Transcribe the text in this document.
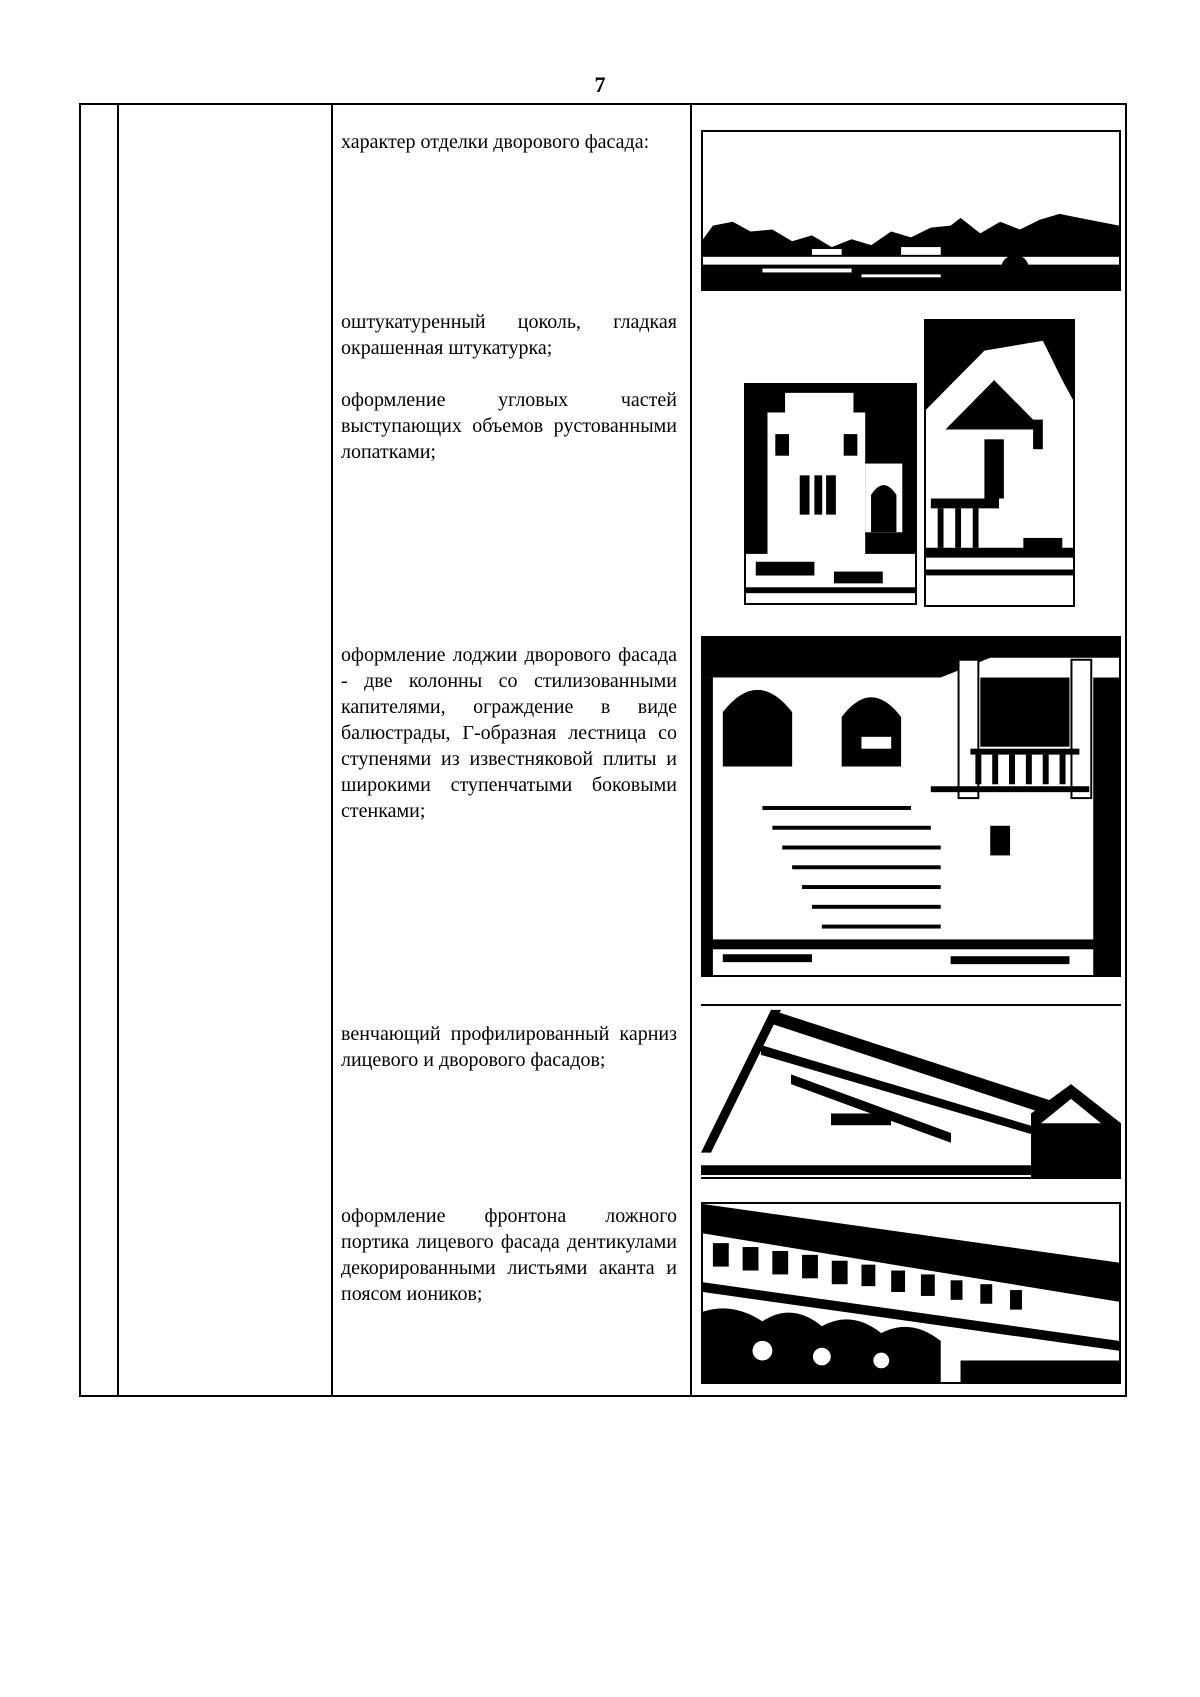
7
характер отделки дворового фасада:
оштукатуренный цоколь, гладкая окрашенная штукатурка;
оформление угловых частей выступающих объемов рустованными лопатками;
оформление лоджии дворового фасада - две колонны со стилизованными капителями, ограждение в виде балюстрады, Г-образная лестница со ступенями из известняковой плиты и широкими ступенчатыми боковыми стенками;
венчающий профилированный карниз лицевого и дворового фасадов;
оформление фронтона ложного портика лицевого фасада дентикулами декорированными листьями аканта и поясом иоников;
